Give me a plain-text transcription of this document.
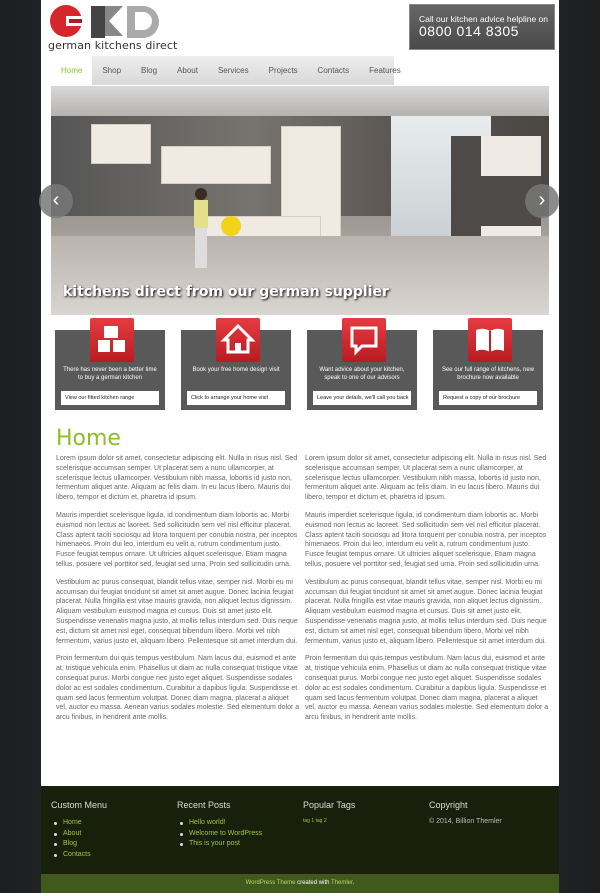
german kitchens direct
Call our kitchen advice helpline on
0800 014 8305
Home	Shop	Blog	About	Services	Projects	Contacts	Features
kitchens direct from our german supplier
‹	›
There has never been a better time to buy a german kitchen
View our fitted kitchen range
Book your free home design visit
Click to arrange your home visit
Want advice about your kitchen, speak to one of our advisors
Leave your details, we'll call you back
See our full range of kitchens, new brochure now available
Request a copy of our brochure
Home

Lorem ipsum dolor sit amet, consectetur adipiscing elit. Nulla in risus nisl. Sed scelerisque accumsan semper. Ut placerat sem a nunc ullamcorper, at scelerisque lectus ullamcorper. Vestibulum nibh massa, lobortis id justo non, fermentum aliquet ante. Aliquam ac felis diam. In eu lacus libero. Mauris dui libero, tempor et dictum et, pharetra id ipsum.

Mauris imperdiet scelerisque ligula, id condimentum diam lobortis ac. Morbi euismod non lectus ac laoreet. Sed sollicitudin sem vel nisl efficitur placerat. Class aptent taciti sociosqu ad litora torquent per conubia nostra, per inceptos himenaeos. Proin dui leo, interdum eu velit a, rutrum condimentum justo. Fusce feugiat tempus ornare. Ut ultricies aliquet scelerisque. Etiam magna tellus, posuere vel porttitor sed, feugiat sed urna. Proin sed sollicitudin urna.

Vestibulum ac purus consequat, blandit tellus vitae, semper nisl. Morbi eu mi accumsan dui feugiat tincidunt sit amet sit amet augue. Donec lacinia feugiat placerat. Nulla fringilla est vitae mauris gravida, non aliquet lectus dignissim. Aliquam vestibulum euismod magna et cursus. Duis sit amet justo elit. Suspendisse venenatis magna justo, at mollis tellus interdum sed. Duis neque est, dictum sit amet nisl eget, consequat bibendum libero. Morbi vel nibh fermentum, varius justo et, aliquam libero. Pellentesque sit amet interdum dui.

Proin fermentum dui quis tempus vestibulum. Nam lacus dui, euismod et ante at, tristique vehicula enim. Phasellus ut diam ac nulla consequat tristique vitae consequat purus. Morbi congue nec justo eget aliquet. Suspendisse sodales dolor ac est sodales condimentum. Curabitur a dapibus ligula. Suspendisse et quam sed lacus fermentum volutpat. Donec diam magna, placerat a aliquet vel, auctor eu massa. Aenean varius sodales molestie. Sed elementum dolor a arcu finibus, in hendrerit ante mollis.

Lorem ipsum dolor sit amet, consectetur adipiscing elit. Nulla in risus nisl. Sed scelerisque accumsan semper. Ut placerat sem a nunc ullamcorper, at scelerisque lectus ullamcorper. Vestibulum nibh massa, lobortis id justo non, fermentum aliquet ante. Aliquam ac felis diam. In eu lacus libero. Mauris dui libero, tempor et dictum et, pharetra id ipsum.

Mauris imperdiet scelerisque ligula, id condimentum diam lobortis ac. Morbi euismod non lectus ac laoreet. Sed sollicitudin sem vel nisl efficitur placerat. Class aptent taciti sociosqu ad litora torquent per conubia nostra, per inceptos himenaeos. Proin dui leo, interdum eu velit a, rutrum condimentum justo. Fusce feugiat tempus ornare. Ut ultricies aliquet scelerisque. Etiam magna tellus, posuere vel porttitor sed, feugiat sed urna. Proin sed sollicitudin urna.

Vestibulum ac purus consequat, blandit tellus vitae, semper nisl. Morbi eu mi accumsan dui feugiat tincidunt sit amet sit amet augue. Donec lacinia feugiat placerat. Nulla fringilla est vitae mauris gravida, non aliquet lectus dignissim. Aliquam vestibulum euismod magna et cursus. Duis sit amet justo elit. Suspendisse venenatis magna justo, at mollis tellus interdum sed. Duis neque est, dictum sit amet nisl eget, consequat bibendum libero. Morbi vel nibh fermentum, varius justo et, aliquam libero. Pellentesque sit amet interdum dui.

Proin fermentum dui quis tempus vestibulum. Nam lacus dui, euismod et ante at, tristique vehicula enim. Phasellus ut diam ac nulla consequat tristique vitae consequat purus. Morbi congue nec justo eget aliquet. Suspendisse sodales dolor ac est sodales condimentum. Curabitur a dapibus ligula. Suspendisse et quam sed lacus fermentum volutpat. Donec diam magna, placerat a aliquet vel, auctor eu massa. Aenean varius sodales molestie. Sed elementum dolor a arcu finibus, in hendrerit ante mollis.

Custom Menu
Home
About
Blog
Contacts
Recent Posts
Hello world!
Welcome to WordPress
This is your post
Popular Tags
tag 1 tag 2
Copyright
© 2014, Billion Themler
WordPress Theme created with Themler.
